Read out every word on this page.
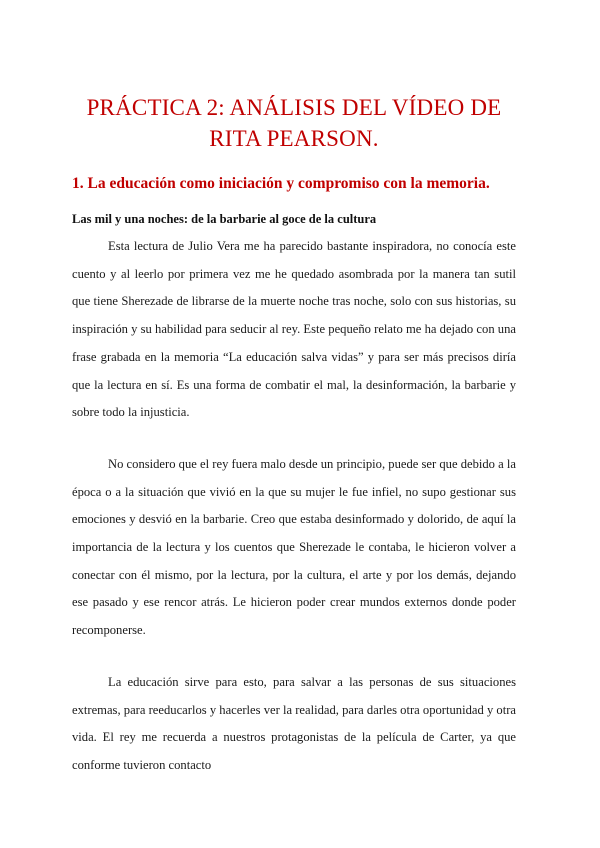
PRÁCTICA 2: ANÁLISIS DEL VÍDEO DE RITA PEARSON.
1. La educación como iniciación y compromiso con la memoria.
Las mil y una noches: de la barbarie al goce de la cultura

Esta lectura de Julio Vera me ha parecido bastante inspiradora, no conocía este cuento y al leerlo por primera vez me he quedado asombrada por la manera tan sutil que tiene Sherezade de librarse de la muerte noche tras noche, solo con sus historias, su inspiración y su habilidad para seducir al rey. Este pequeño relato me ha dejado con una frase grabada en la memoria “La educación salva vidas” y para ser más precisos diría que la lectura en sí. Es una forma de combatir el mal, la desinformación, la barbarie y sobre todo la injusticia.

No considero que el rey fuera malo desde un principio, puede ser que debido a la época o a la situación que vivió en la que su mujer le fue infiel, no supo gestionar sus emociones y desvió en la barbarie. Creo que estaba desinformado y dolorido, de aquí la importancia de la lectura y los cuentos que Sherezade le contaba, le hicieron volver a conectar con él mismo, por la lectura, por la cultura, el arte y por los demás, dejando ese pasado y ese rencor atrás. Le hicieron poder crear mundos externos donde poder recomponerse.

La educación sirve para esto, para salvar a las personas de sus situaciones extremas, para reeducarlos y hacerles ver la realidad, para darles otra oportunidad y otra vida. El rey me recuerda a nuestros protagonistas de la película de Carter, ya que conforme tuvieron contacto
